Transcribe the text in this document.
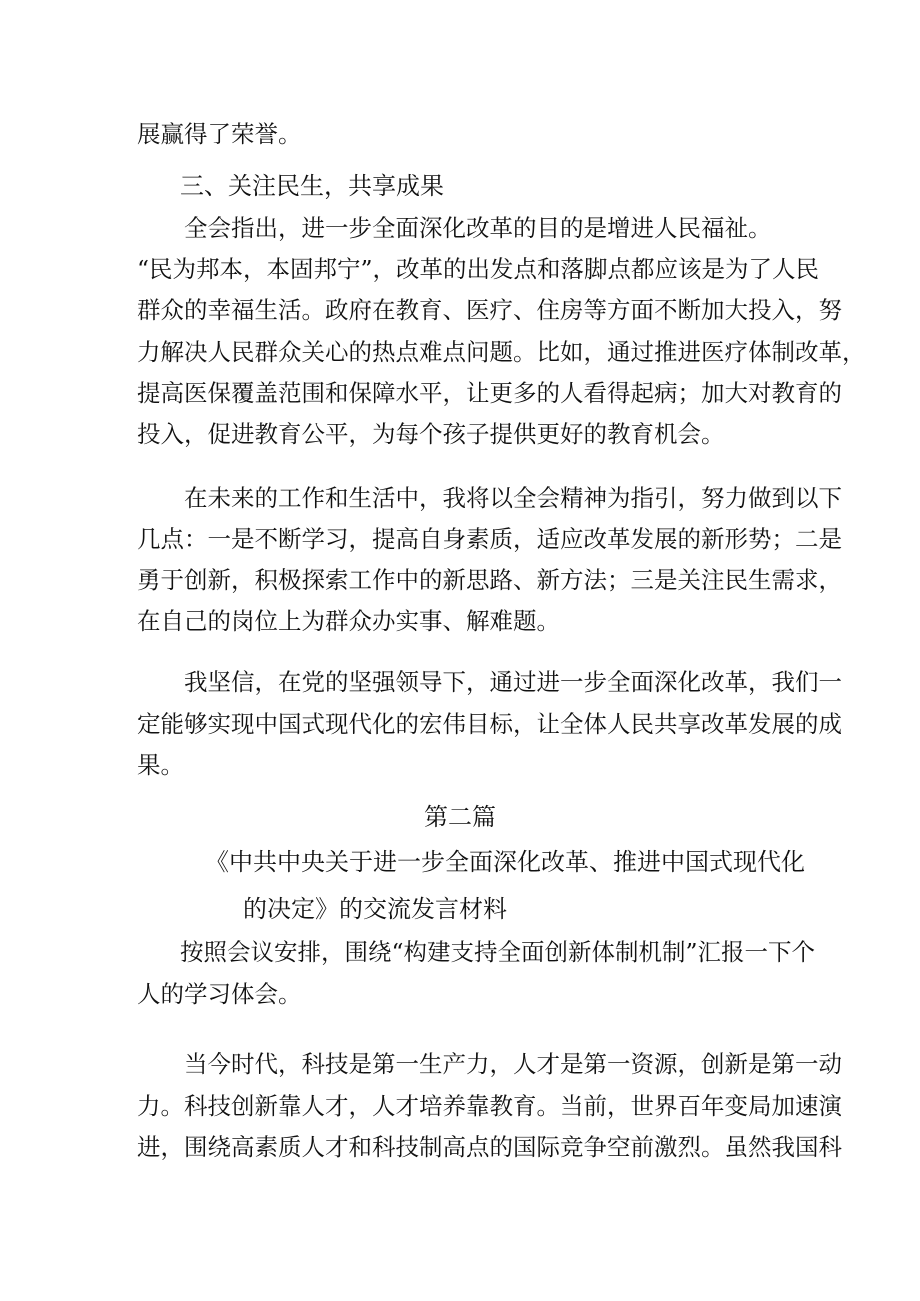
展赢得了荣誉。
三、关注民生，共享成果
全会指出，进一步全面深化改革的目的是增进人民福祉。
“民为邦本，本固邦宁”，改革的出发点和落脚点都应该是为了人民
群众的幸福生活。政府在教育、医疗、住房等方面不断加大投入，努
力解决人民群众关心的热点难点问题。比如，通过推进医疗体制改革，
提高医保覆盖范围和保障水平，让更多的人看得起病；加大对教育的
投入，促进教育公平，为每个孩子提供更好的教育机会。
在未来的工作和生活中，我将以全会精神为指引，努力做到以下
几点：一是不断学习，提高自身素质，适应改革发展的新形势；二是
勇于创新，积极探索工作中的新思路、新方法；三是关注民生需求，
在自己的岗位上为群众办实事、解难题。
我坚信，在党的坚强领导下，通过进一步全面深化改革，我们一
定能够实现中国式现代化的宏伟目标，让全体人民共享改革发展的成
果。
第二篇
《中共中央关于进一步全面深化改革、推进中国式现代化
的决定》的交流发言材料
按照会议安排，围绕“构建支持全面创新体制机制”汇报一下个
人的学习体会。
当今时代，科技是第一生产力，人才是第一资源，创新是第一动
力。科技创新靠人才，人才培养靠教育。当前，世界百年变局加速演
进，围绕高素质人才和科技制高点的国际竞争空前激烈。虽然我国科
